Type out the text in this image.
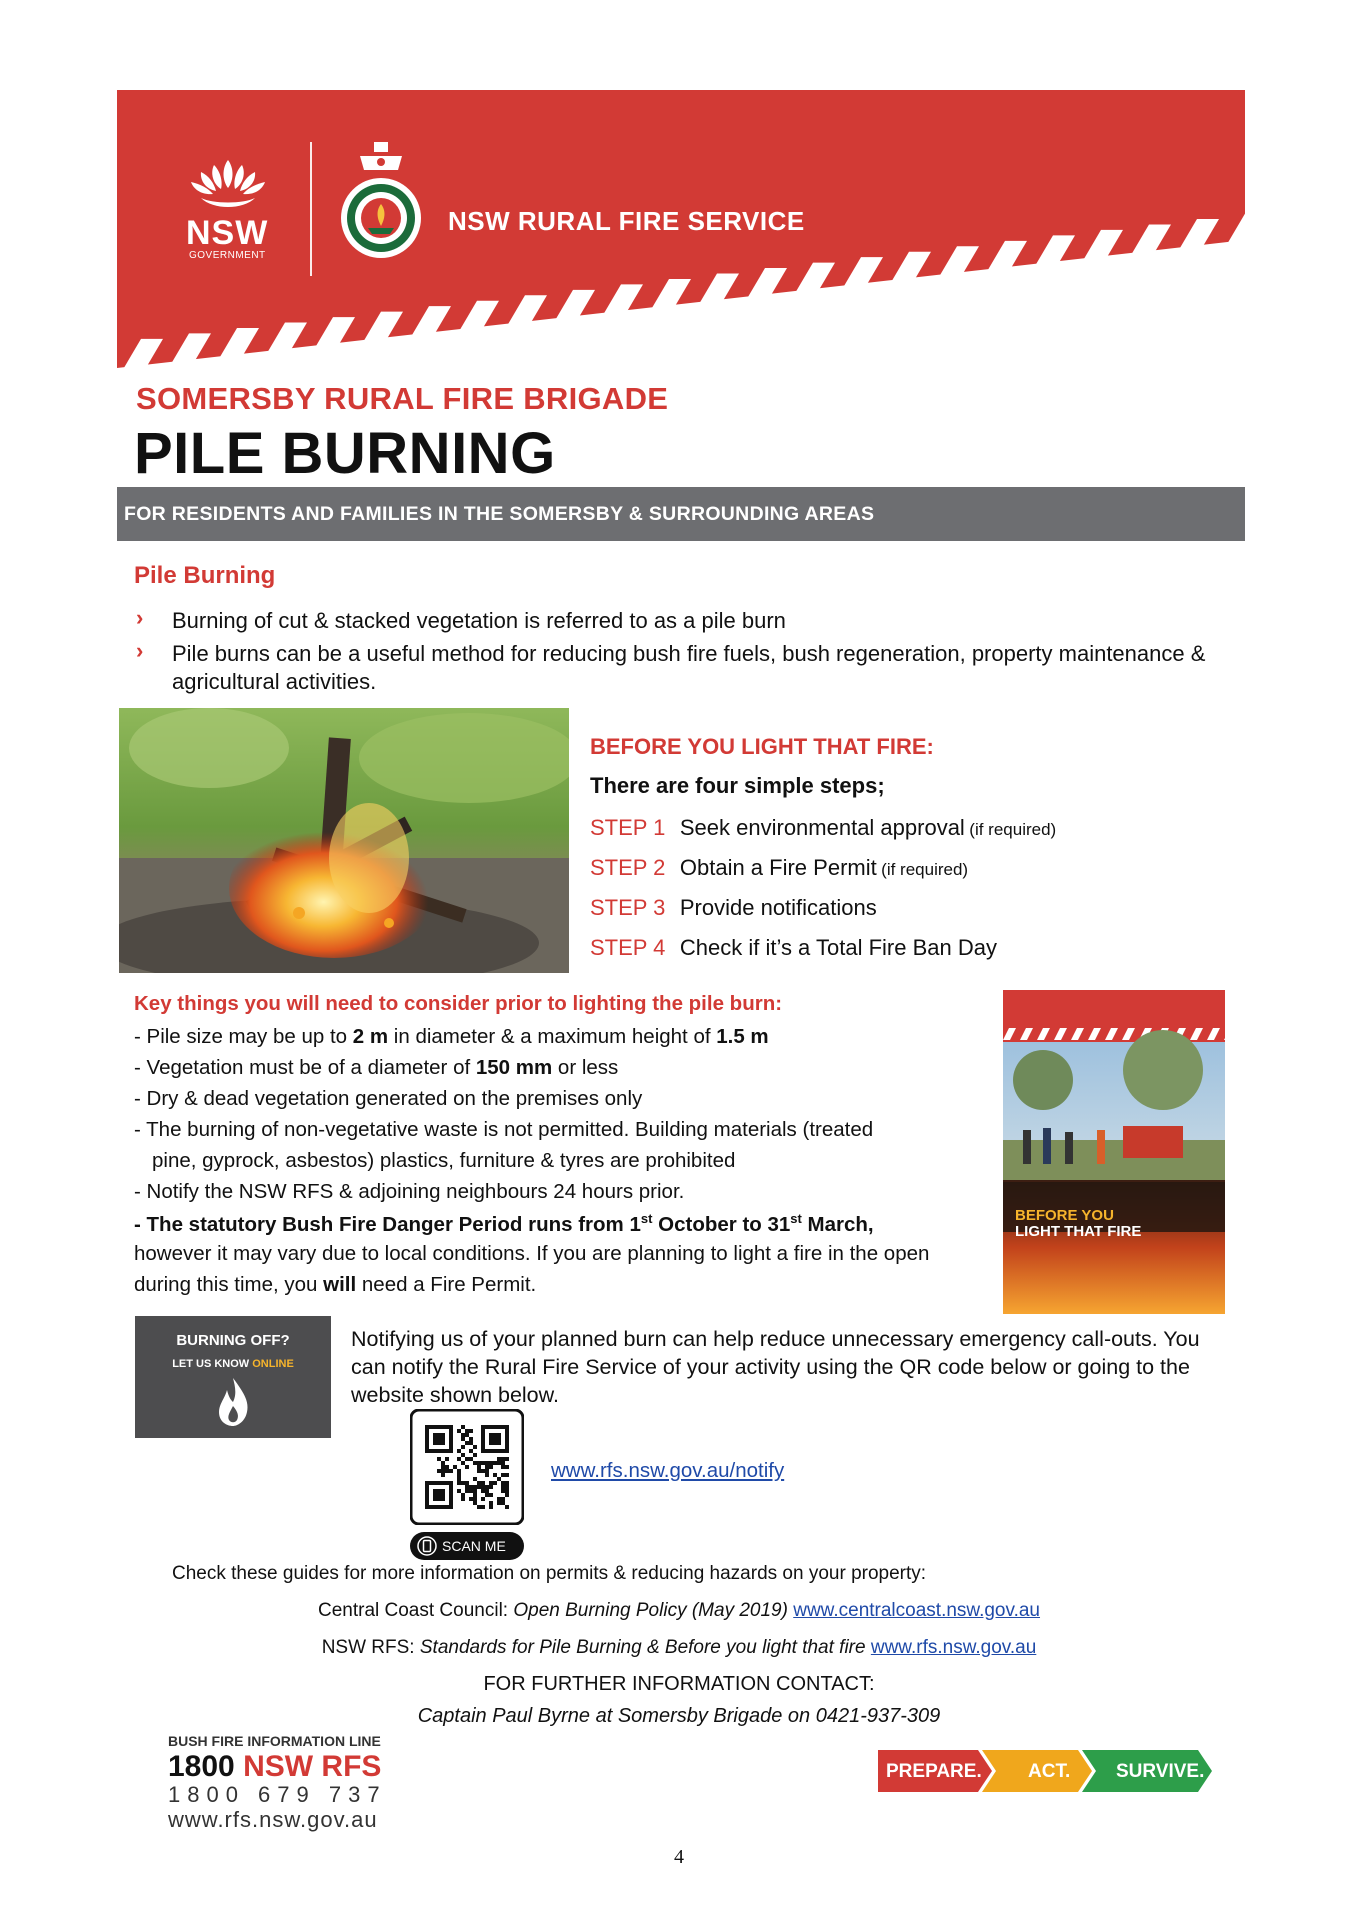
NSW
GOVERNMENT
NSW RURAL FIRE SERVICE
SOMERSBY RURAL FIRE BRIGADE
PILE BURNING
FOR RESIDENTS AND FAMILIES IN THE SOMERSBY & SURROUNDING AREAS
Pile Burning
› Burning of cut & stacked vegetation is referred to as a pile burn
› Pile burns can be a useful method for reducing bush fire fuels, bush regeneration, property maintenance &
agricultural activities.
BEFORE YOU LIGHT THAT FIRE:
There are four simple steps;
STEP 1 Seek environmental approval (if required)
STEP 2 Obtain a Fire Permit (if required)
STEP 3 Provide notifications
STEP 4 Check if it’s a Total Fire Ban Day
Key things you will need to consider prior to lighting the pile burn:
- Pile size may be up to 2 m in diameter & a maximum height of 1.5 m
- Vegetation must be of a diameter of 150 mm or less
- Dry & dead vegetation generated on the premises only
- The burning of non-vegetative waste is not permitted. Building materials (treated
pine, gyprock, asbestos) plastics, furniture & tyres are prohibited
- Notify the NSW RFS & adjoining neighbours 24 hours prior.
- The statutory Bush Fire Danger Period runs from 1st October to 31st March,
however it may vary due to local conditions. If you are planning to light a fire in the open
during this time, you will need a Fire Permit.
BEFORE YOU
LIGHT THAT FIRE
BURNING OFF?
LET US KNOW ONLINE
Notifying us of your planned burn can help reduce unnecessary emergency call-outs. You
can notify the Rural Fire Service of your activity using the QR code below or going to the
website shown below.
SCAN ME
www.rfs.nsw.gov.au/notify
Check these guides for more information on permits & reducing hazards on your property:
Central Coast Council: Open Burning Policy (May 2019) www.centralcoast.nsw.gov.au
NSW RFS: Standards for Pile Burning & Before you light that fire www.rfs.nsw.gov.au
FOR FURTHER INFORMATION CONTACT:
Captain Paul Byrne at Somersby Brigade on 0421-937-309
BUSH FIRE INFORMATION LINE
1800 NSW RFS
1800 679 737
www.rfs.nsw.gov.au
PREPARE. ACT. SURVIVE.
4
